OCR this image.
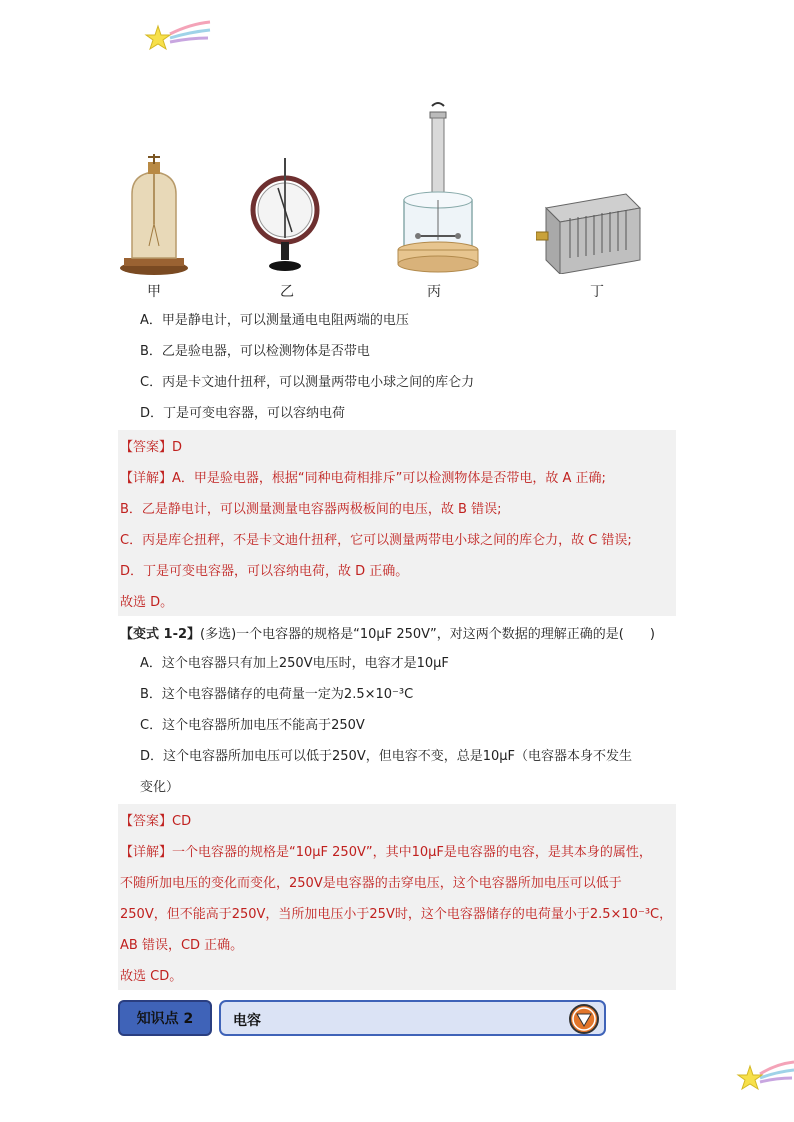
甲	乙	丙	丁
A．甲是静电计，可以测量通电电阻两端的电压
B．乙是验电器，可以检测物体是否带电
C．丙是卡文迪什扭秤，可以测量两带电小球之间的库仑力
D．丁是可变电容器，可以容纳电荷
【答案】D
【详解】A．甲是验电器，根据“同种电荷相排斥”可以检测物体是否带电，故 A 正确;
B．乙是静电计，可以测量测量电容器两极板间的电压，故 B 错误;
C．丙是库仑扭秤，不是卡文迪什扭秤，它可以测量两带电小球之间的库仑力，故 C 错误;
D．丁是可变电容器，可以容纳电荷，故 D 正确。
故选 D。
【变式 1-2】(多选)一个电容器的规格是“10μF 250V”，对这两个数据的理解正确的是(　　)
A．这个电容器只有加上250V电压时，电容才是10μF
B．这个电容器储存的电荷量一定为2.5×10⁻³C
C．这个电容器所加电压不能高于250V
D．这个电容器所加电压可以低于250V，但电容不变，总是10μF（电容器本身不发生
变化）
【答案】CD
【详解】一个电容器的规格是“10μF 250V”，其中10μF是电容器的电容，是其本身的属性，
不随所加电压的变化而变化，250V是电容器的击穿电压，这个电容器所加电压可以低于
250V，但不能高于250V，当所加电压小于25V时，这个电容器储存的电荷量小于2.5×10⁻³C，
AB 错误，CD 正确。
故选 CD。
知识点 2	电容
